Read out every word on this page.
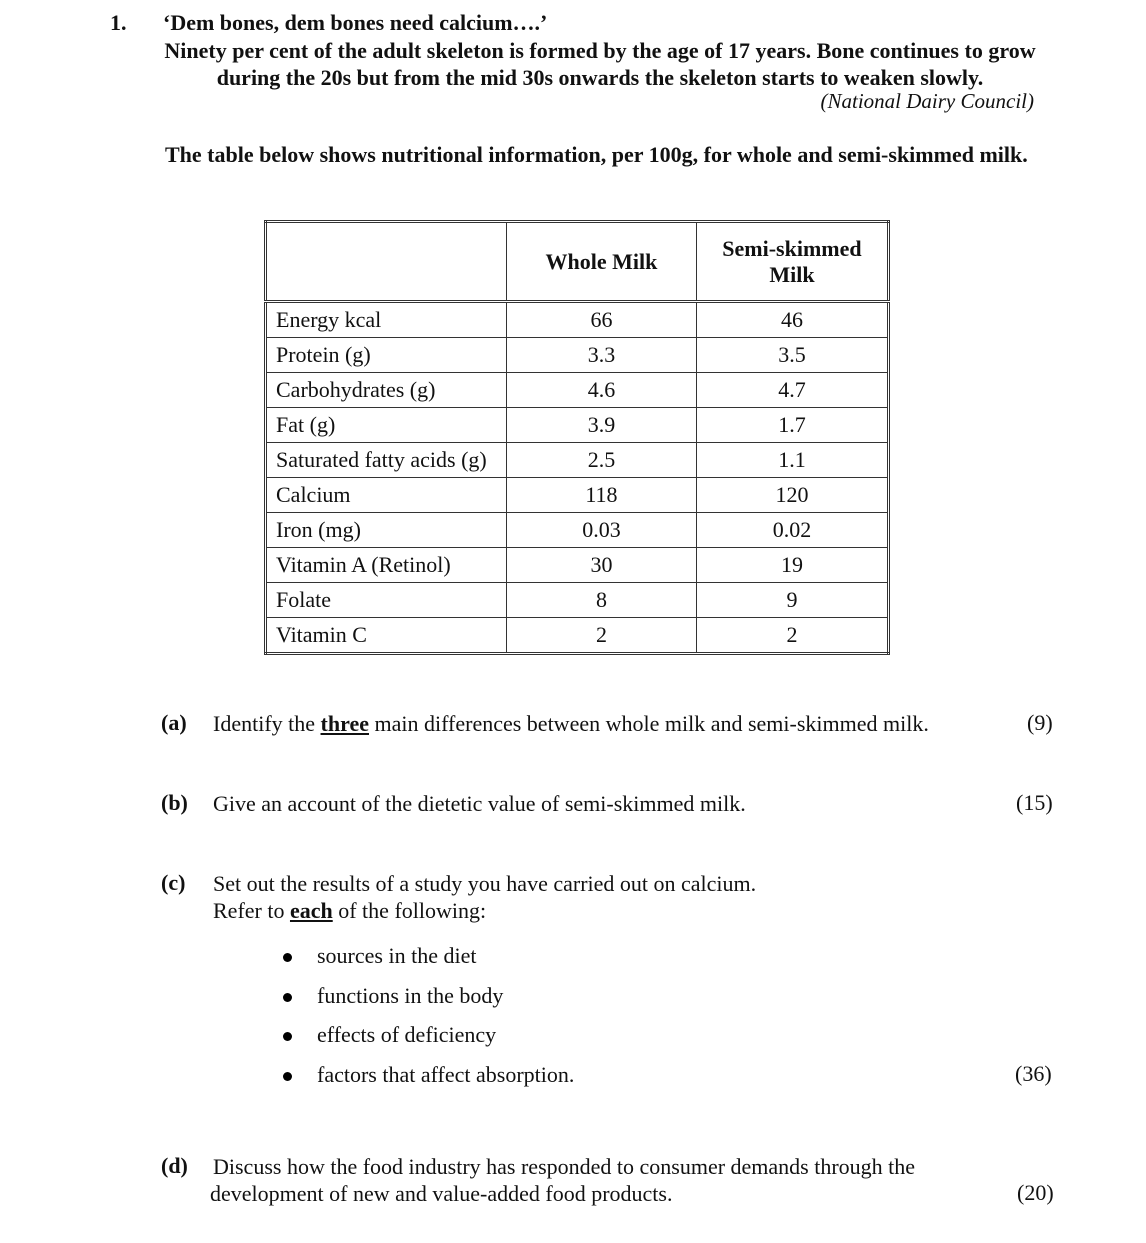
1. ‘Dem bones, dem bones need calcium….’
Ninety per cent of the adult skeleton is formed by the age of 17 years. Bone continues to grow during the 20s but from the mid 30s onwards the skeleton starts to weaken slowly.
(National Dairy Council)
The table below shows nutritional information, per 100g, for whole and semi-skimmed milk.
	Whole Milk	Semi-skimmed
Milk
Energy kcal	66	46
Protein (g)	3.3	3.5
Carbohydrates (g)	4.6	4.7
Fat (g)	3.9	1.7
Saturated fatty acids (g)	2.5	1.1
Calcium	118	120
Iron (mg)	0.03	0.02
Vitamin A (Retinol)	30	19
Folate	8	9
Vitamin C	2	2
(a) Identify the three main differences between whole milk and semi-skimmed milk.	(9)
(b) Give an account of the dietetic value of semi-skimmed milk.	(15)
(c) Set out the results of a study you have carried out on calcium.
Refer to each of the following:
sources in the diet
functions in the body
effects of deficiency
factors that affect absorption.	(36)
(d) Discuss how the food industry has responded to consumer demands through the
development of new and value-added food products.	(20)
